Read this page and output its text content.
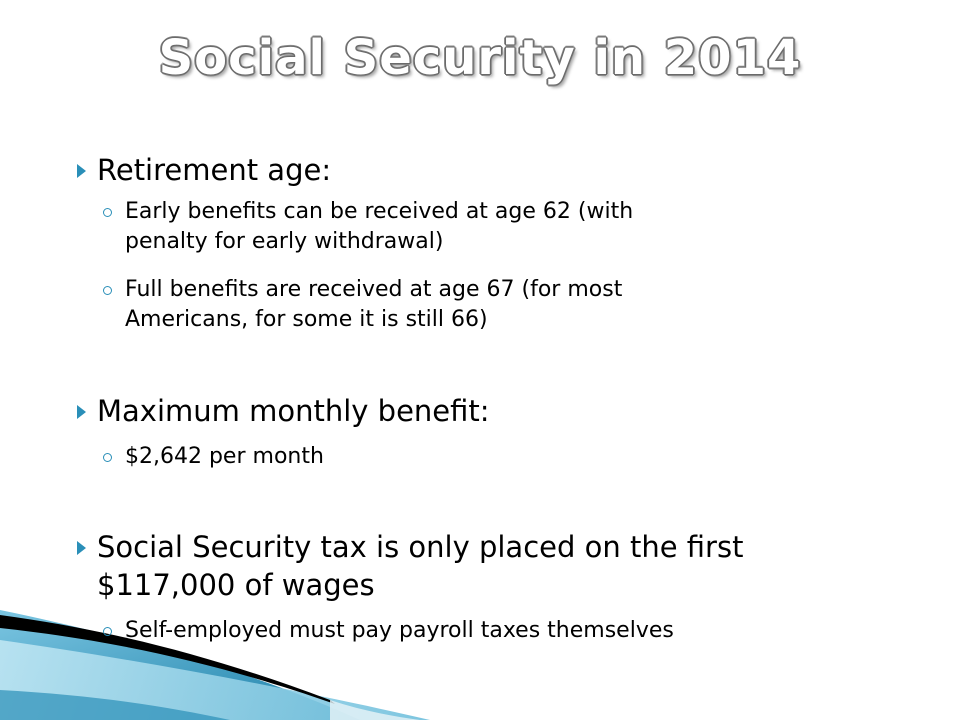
Social Security in 2014
Retirement age:
Early benefits can be received at age 62 (with
penalty for early withdrawal)
Full benefits are received at age 67 (for most
Americans, for some it is still 66)
Maximum monthly benefit:
$2,642 per month
Social Security tax is only placed on the first
$117,000 of wages
Self-employed must pay payroll taxes themselves
